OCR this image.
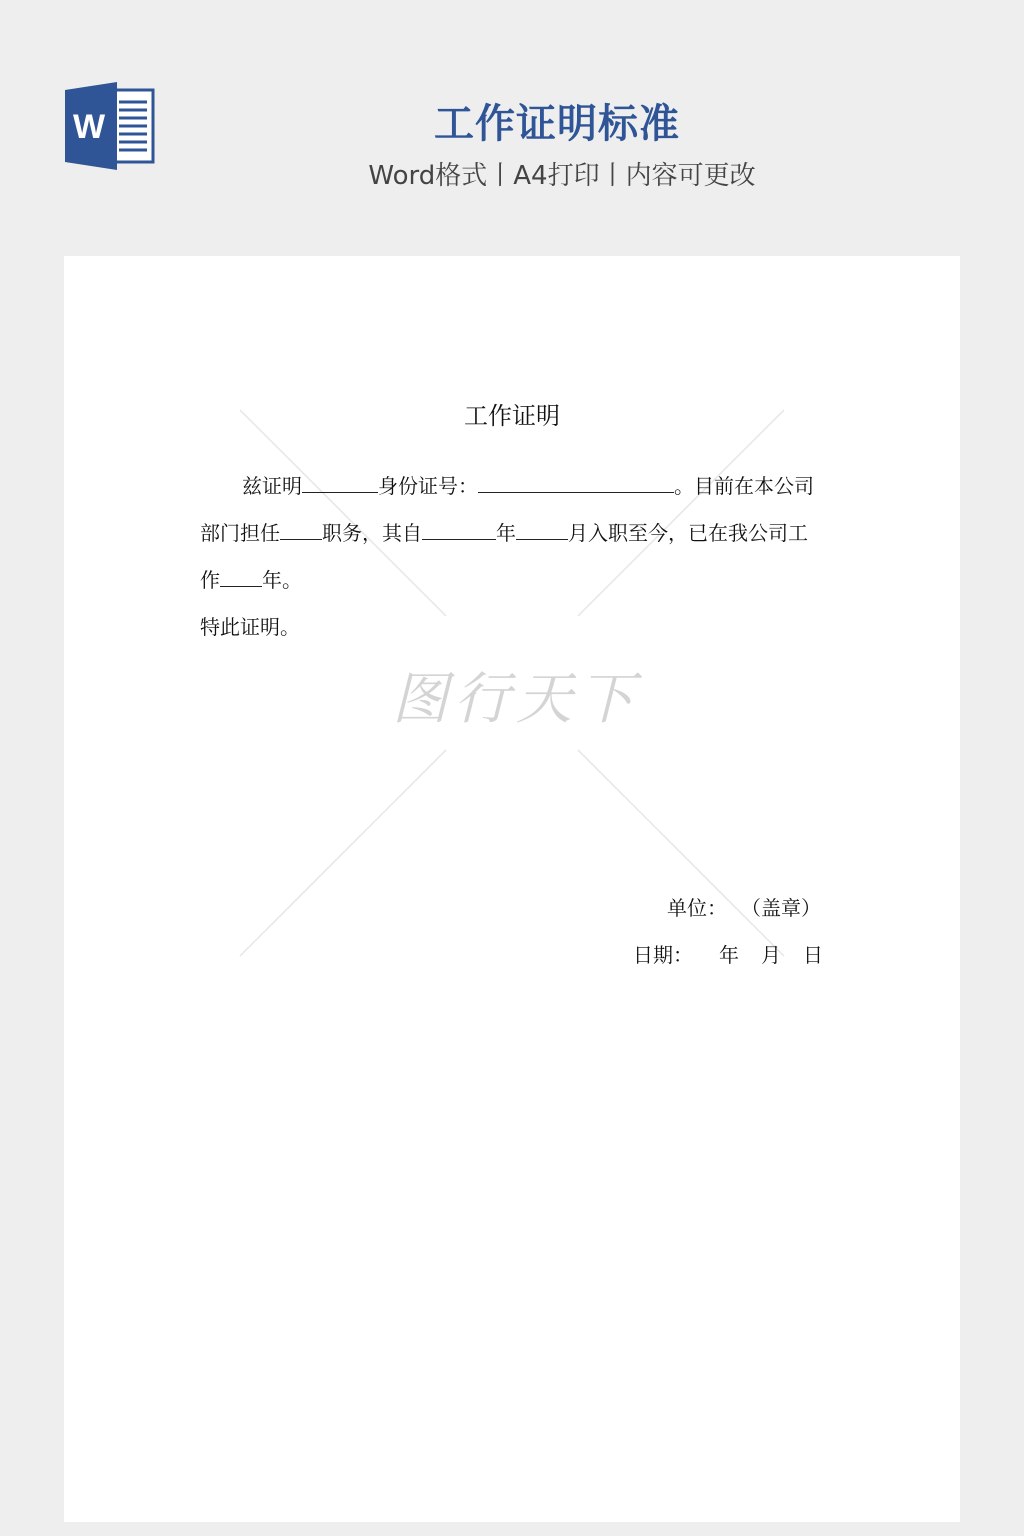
W	工作证明标准
Word格式丨A4打印丨内容可更改
图行天下
工作证明
兹证明	身份证号：	。目前在本公司
部门担任 职务，其自	年	月入职至今，已在我公司工
作 年。
特此证明。
单位： （盖章）
日期： 年 月 日
